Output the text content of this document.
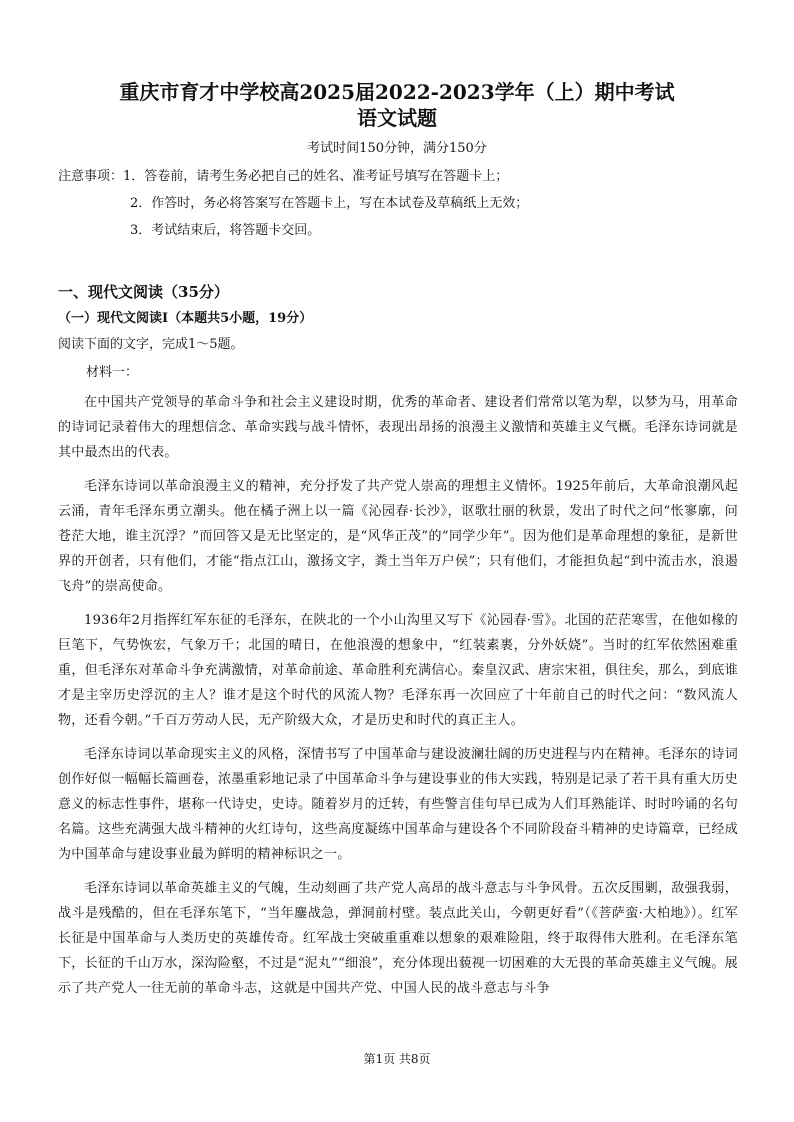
重庆市育才中学校高2025届2022-2023学年（上）期中考试
语文试题
考试时间150分钟，满分150分
注意事项：1．答卷前，请考生务必把自己的姓名、准考证号填写在答题卡上；
2．作答时，务必将答案写在答题卡上，写在本试卷及草稿纸上无效；
3．考试结束后，将答题卡交回。
一、现代文阅读（35分）
（一）现代文阅读Ⅰ（本题共5小题，19分）
阅读下面的文字，完成1～5题。
材料一：

在中国共产党领导的革命斗争和社会主义建设时期，优秀的革命者、建设者们常常以笔为犁，以梦为马，用革命的诗词记录着伟大的理想信念、革命实践与战斗情怀，表现出昂扬的浪漫主义激情和英雄主义气概。毛泽东诗词就是其中最杰出的代表。

毛泽东诗词以革命浪漫主义的精神，充分抒发了共产党人崇高的理想主义情怀。1925年前后，大革命浪潮风起云涌，青年毛泽东勇立潮头。他在橘子洲上以一篇《沁园春·长沙》，讴歌壮丽的秋景，发出了时代之问“怅寥廓，问苍茫大地，谁主沉浮？”而回答又是无比坚定的，是“风华正茂”的“同学少年”。因为他们是革命理想的象征，是新世界的开创者，只有他们，才能“指点江山，激扬文字，粪土当年万户侯”；只有他们，才能担负起“到中流击水，浪遏飞舟”的崇高使命。

1936年2月指挥红军东征的毛泽东，在陕北的一个小山沟里又写下《沁园春·雪》。北国的茫茫寒雪，在他如椽的巨笔下，气势恢宏，气象万千；北国的晴日，在他浪漫的想象中，“红装素裹，分外妖娆”。当时的红军依然困难重重，但毛泽东对革命斗争充满激情，对革命前途、革命胜利充满信心。秦皇汉武、唐宗宋祖，俱往矣，那么，到底谁才是主宰历史浮沉的主人？谁才是这个时代的风流人物？毛泽东再一次回应了十年前自己的时代之问：“数风流人物，还看今朝。”千百万劳动人民，无产阶级大众，才是历史和时代的真正主人。

毛泽东诗词以革命现实主义的风格，深情书写了中国革命与建设波澜壮阔的历史进程与内在精神。毛泽东的诗词创作好似一幅幅长篇画卷，浓墨重彩地记录了中国革命斗争与建设事业的伟大实践，特别是记录了若干具有重大历史意义的标志性事件，堪称一代诗史，史诗。随着岁月的迁转，有些警言佳句早已成为人们耳熟能详、时时吟诵的名句名篇。这些充满强大战斗精神的火红诗句，这些高度凝练中国革命与建设各个不同阶段奋斗精神的史诗篇章，已经成为中国革命与建设事业最为鲜明的精神标识之一。

毛泽东诗词以革命英雄主义的气魄，生动刻画了共产党人高昂的战斗意志与斗争风骨。五次反围剿，敌强我弱，战斗是残酷的，但在毛泽东笔下，“当年鏖战急，弹洞前村壁。装点此关山，今朝更好看”（《菩萨蛮·大柏地》）。红军长征是中国革命与人类历史的英雄传奇。红军战士突破重重难以想象的艰难险阻，终于取得伟大胜利。在毛泽东笔下，长征的千山万水，深沟险壑，不过是“泥丸”“细浪”，充分体现出藐视一切困难的大无畏的革命英雄主义气魄。展示了共产党人一往无前的革命斗志，这就是中国共产党、中国人民的战斗意志与斗争

第1页 共8页
